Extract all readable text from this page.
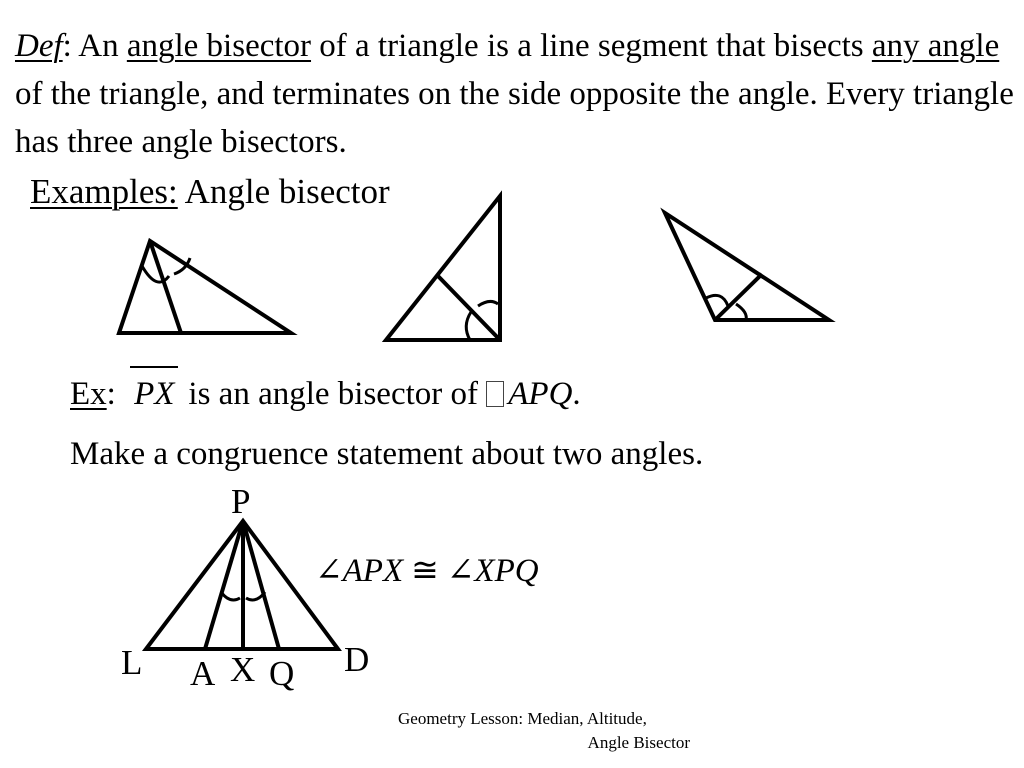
Def: An angle bisector of a triangle is a line segment that bisects any angle of the triangle, and terminates on the side opposite the angle. Every triangle has three angle bisectors.
Examples: Angle bisector
Ex: PX is an angle bisector of APQ.
Make a congruence statement about two angles.
∠APX ≅ ∠XPQ
P
L	D
A X Q
Geometry Lesson: Median, Altitude,
Angle Bisector
